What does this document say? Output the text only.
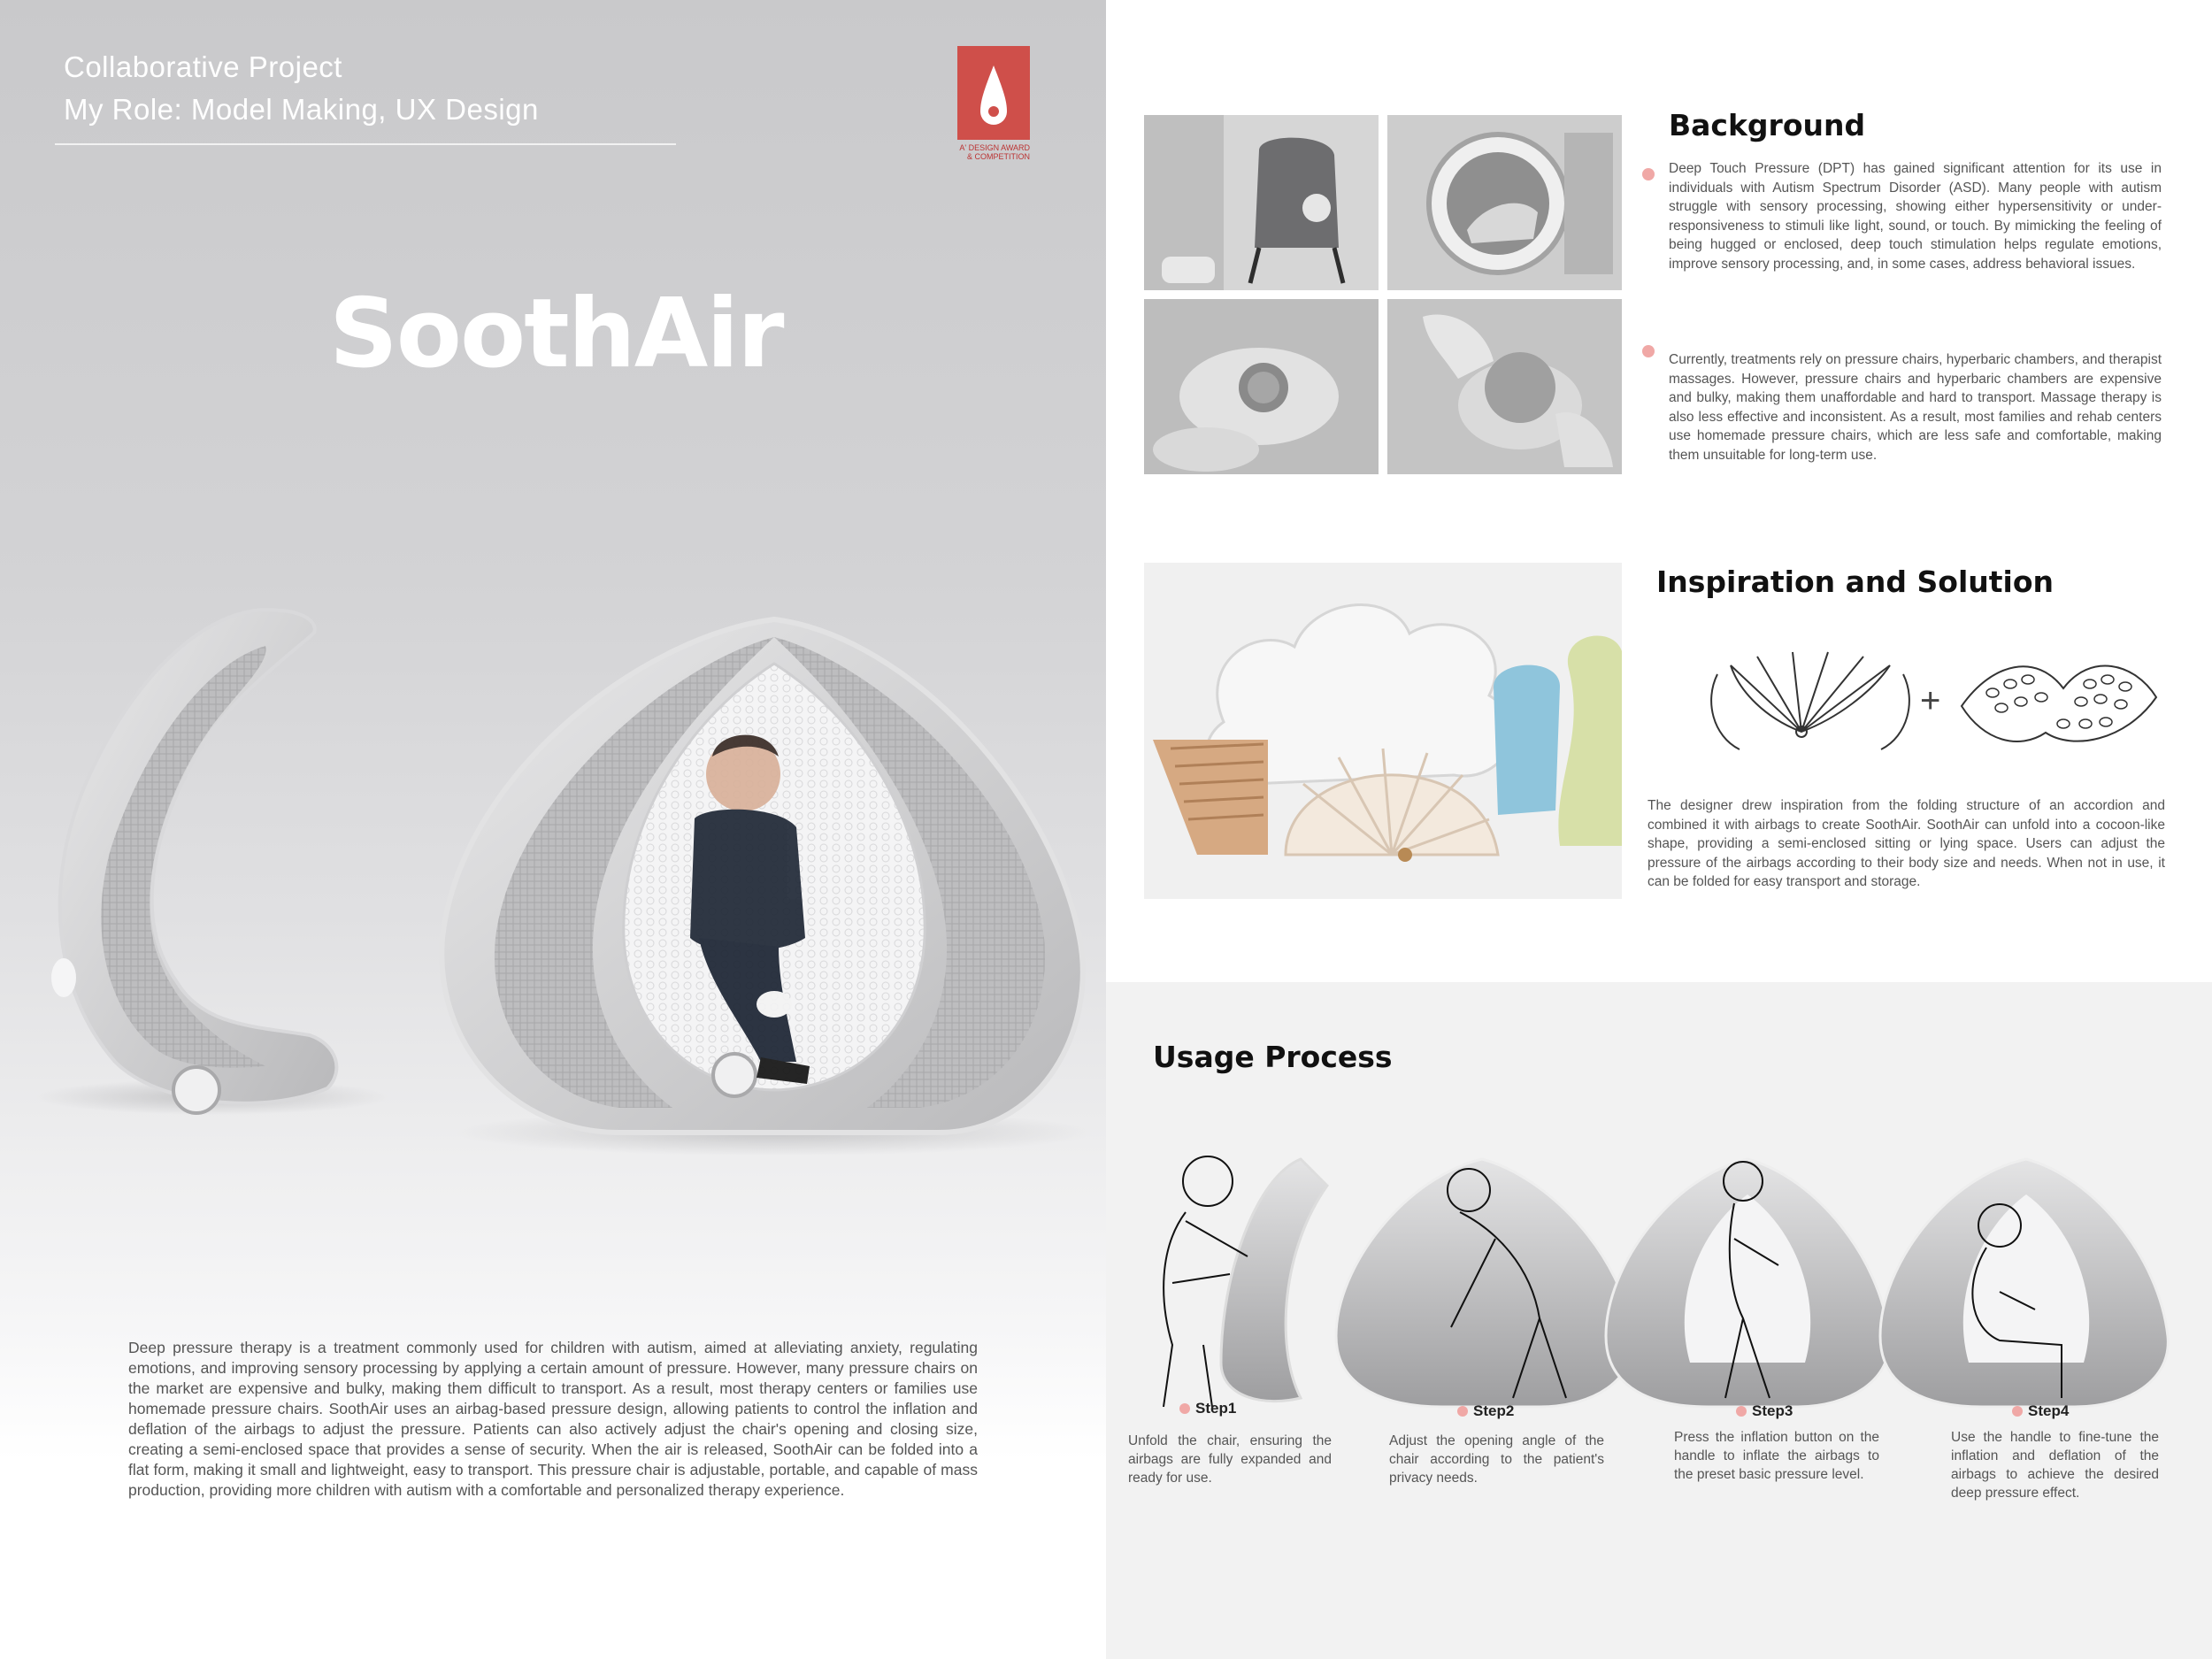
Collaborative Project
My Role: Model Making, UX Design
A' DESIGN AWARD
& COMPETITION
SoothAir
Deep pressure therapy is a treatment commonly used for children with autism, aimed at alleviating anxiety, regulating emotions, and improving sensory processing by applying a certain amount of pressure. However, many pressure chairs on the market are expensive and bulky, making them difficult to transport. As a result, most therapy centers or families use homemade pressure chairs. SoothAir uses an airbag-based pressure design, allowing patients to control the inflation and deflation of the airbags to adjust the pressure. Patients can also actively adjust the chair's opening and closing size, creating a semi-enclosed space that provides a sense of security. When the air is released, SoothAir can be folded into a flat form, making it small and lightweight, easy to transport. This pressure chair is adjustable, portable, and capable of mass production, providing more children with autism with a comfortable and personalized therapy experience.
Background
Deep Touch Pressure (DPT) has gained significant attention for its use in individuals with Autism Spectrum Disorder (ASD). Many people with autism struggle with sensory processing, showing either hypersensitivity or under-responsiveness to stimuli like light, sound, or touch. By mimicking the feeling of being hugged or enclosed, deep touch stimulation helps regulate emotions, improve sensory processing, and, in some cases, address behavioral issues.
Currently, treatments rely on pressure chairs, hyperbaric chambers, and therapist massages. However, pressure chairs and hyperbaric chambers are expensive and bulky, making them unaffordable and hard to transport. Massage therapy is also less effective and inconsistent. As a result, most families and rehab centers use homemade pressure chairs, which are less safe and comfortable, making them unsuitable for long-term use.
Inspiration and Solution
+
The designer drew inspiration from the folding structure of an accordion and combined it with airbags to create SoothAir. SoothAir can unfold into a cocoon-like shape, providing a semi-enclosed sitting or lying space. Users can adjust the pressure of the airbags according to their body size and needs. When not in use, it can be folded for easy transport and storage.
Usage Process
Step1
Unfold the chair, ensuring the airbags are fully expanded and ready for use.
Step2
Adjust the opening angle of the chair according to the patient's privacy needs.
Step3
Press the inflation button on the handle to inflate the airbags to the preset basic pressure level.
Step4
Use the handle to fine-tune the inflation and deflation of the airbags to achieve the desired deep pressure effect.
